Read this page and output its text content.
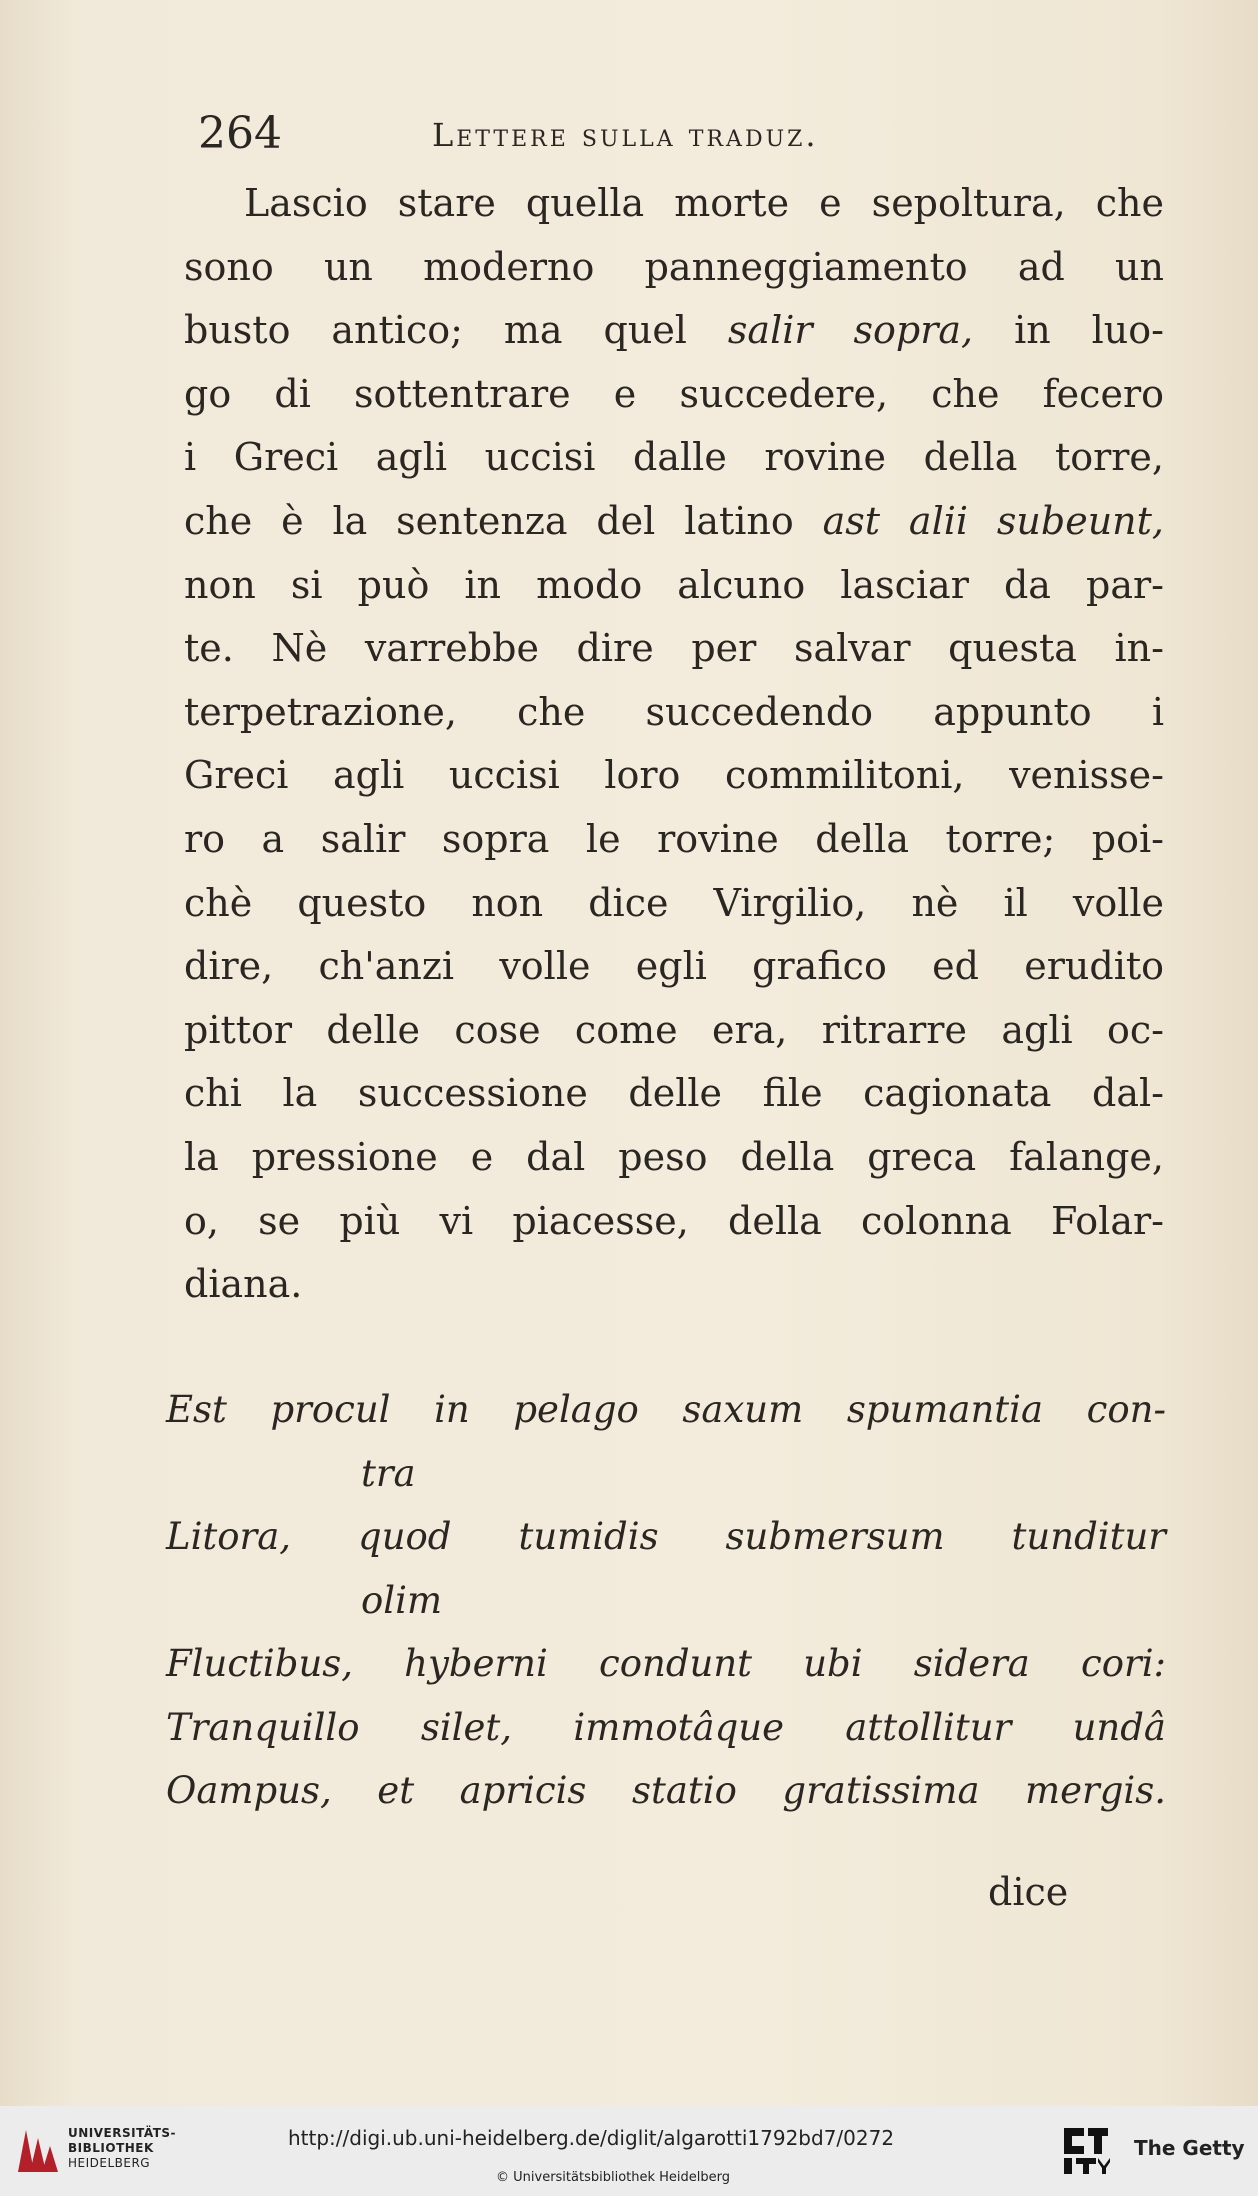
264	Lettere sulla traduz.
Lascio stare quella morte e sepoltura, che
sono un moderno panneggiamento ad un
busto antico; ma quel salir sopra, in luo-
go di sottentrare e succedere, che fecero
i Greci agli uccisi dalle rovine della torre,
che è la sentenza del latino ast alii subeunt,
non si può in modo alcuno lasciar da par-
te. Nè varrebbe dire per salvar questa in-
terpetrazione, che succedendo appunto i
Greci agli uccisi loro commilitoni, venisse-
ro a salir sopra le rovine della torre; poi-
chè questo non dice Virgilio, nè il volle
dire, ch'anzi volle egli grafico ed erudito
pittor delle cose come era, ritrarre agli oc-
chi la successione delle file cagionata dal-
la pressione e dal peso della greca falange,
o, se più vi piacesse, della colonna Folar-
diana.
Est procul in pelago saxum spumantia con-
tra
Litora, quod tumidis submersum tunditur
olim
Fluctibus, hyberni condunt ubi sidera cori:
Tranquillo silet, immotâque attollitur undâ
Oampus, et apricis statio gratissima mergis.
dice
UNIVERSITÄTS-
BIBLIOTHEK
HEIDELBERG
http://digi.ub.uni-heidelberg.de/diglit/algarotti1792bd7/0272
© Universitätsbibliothek Heidelberg
The Getty
